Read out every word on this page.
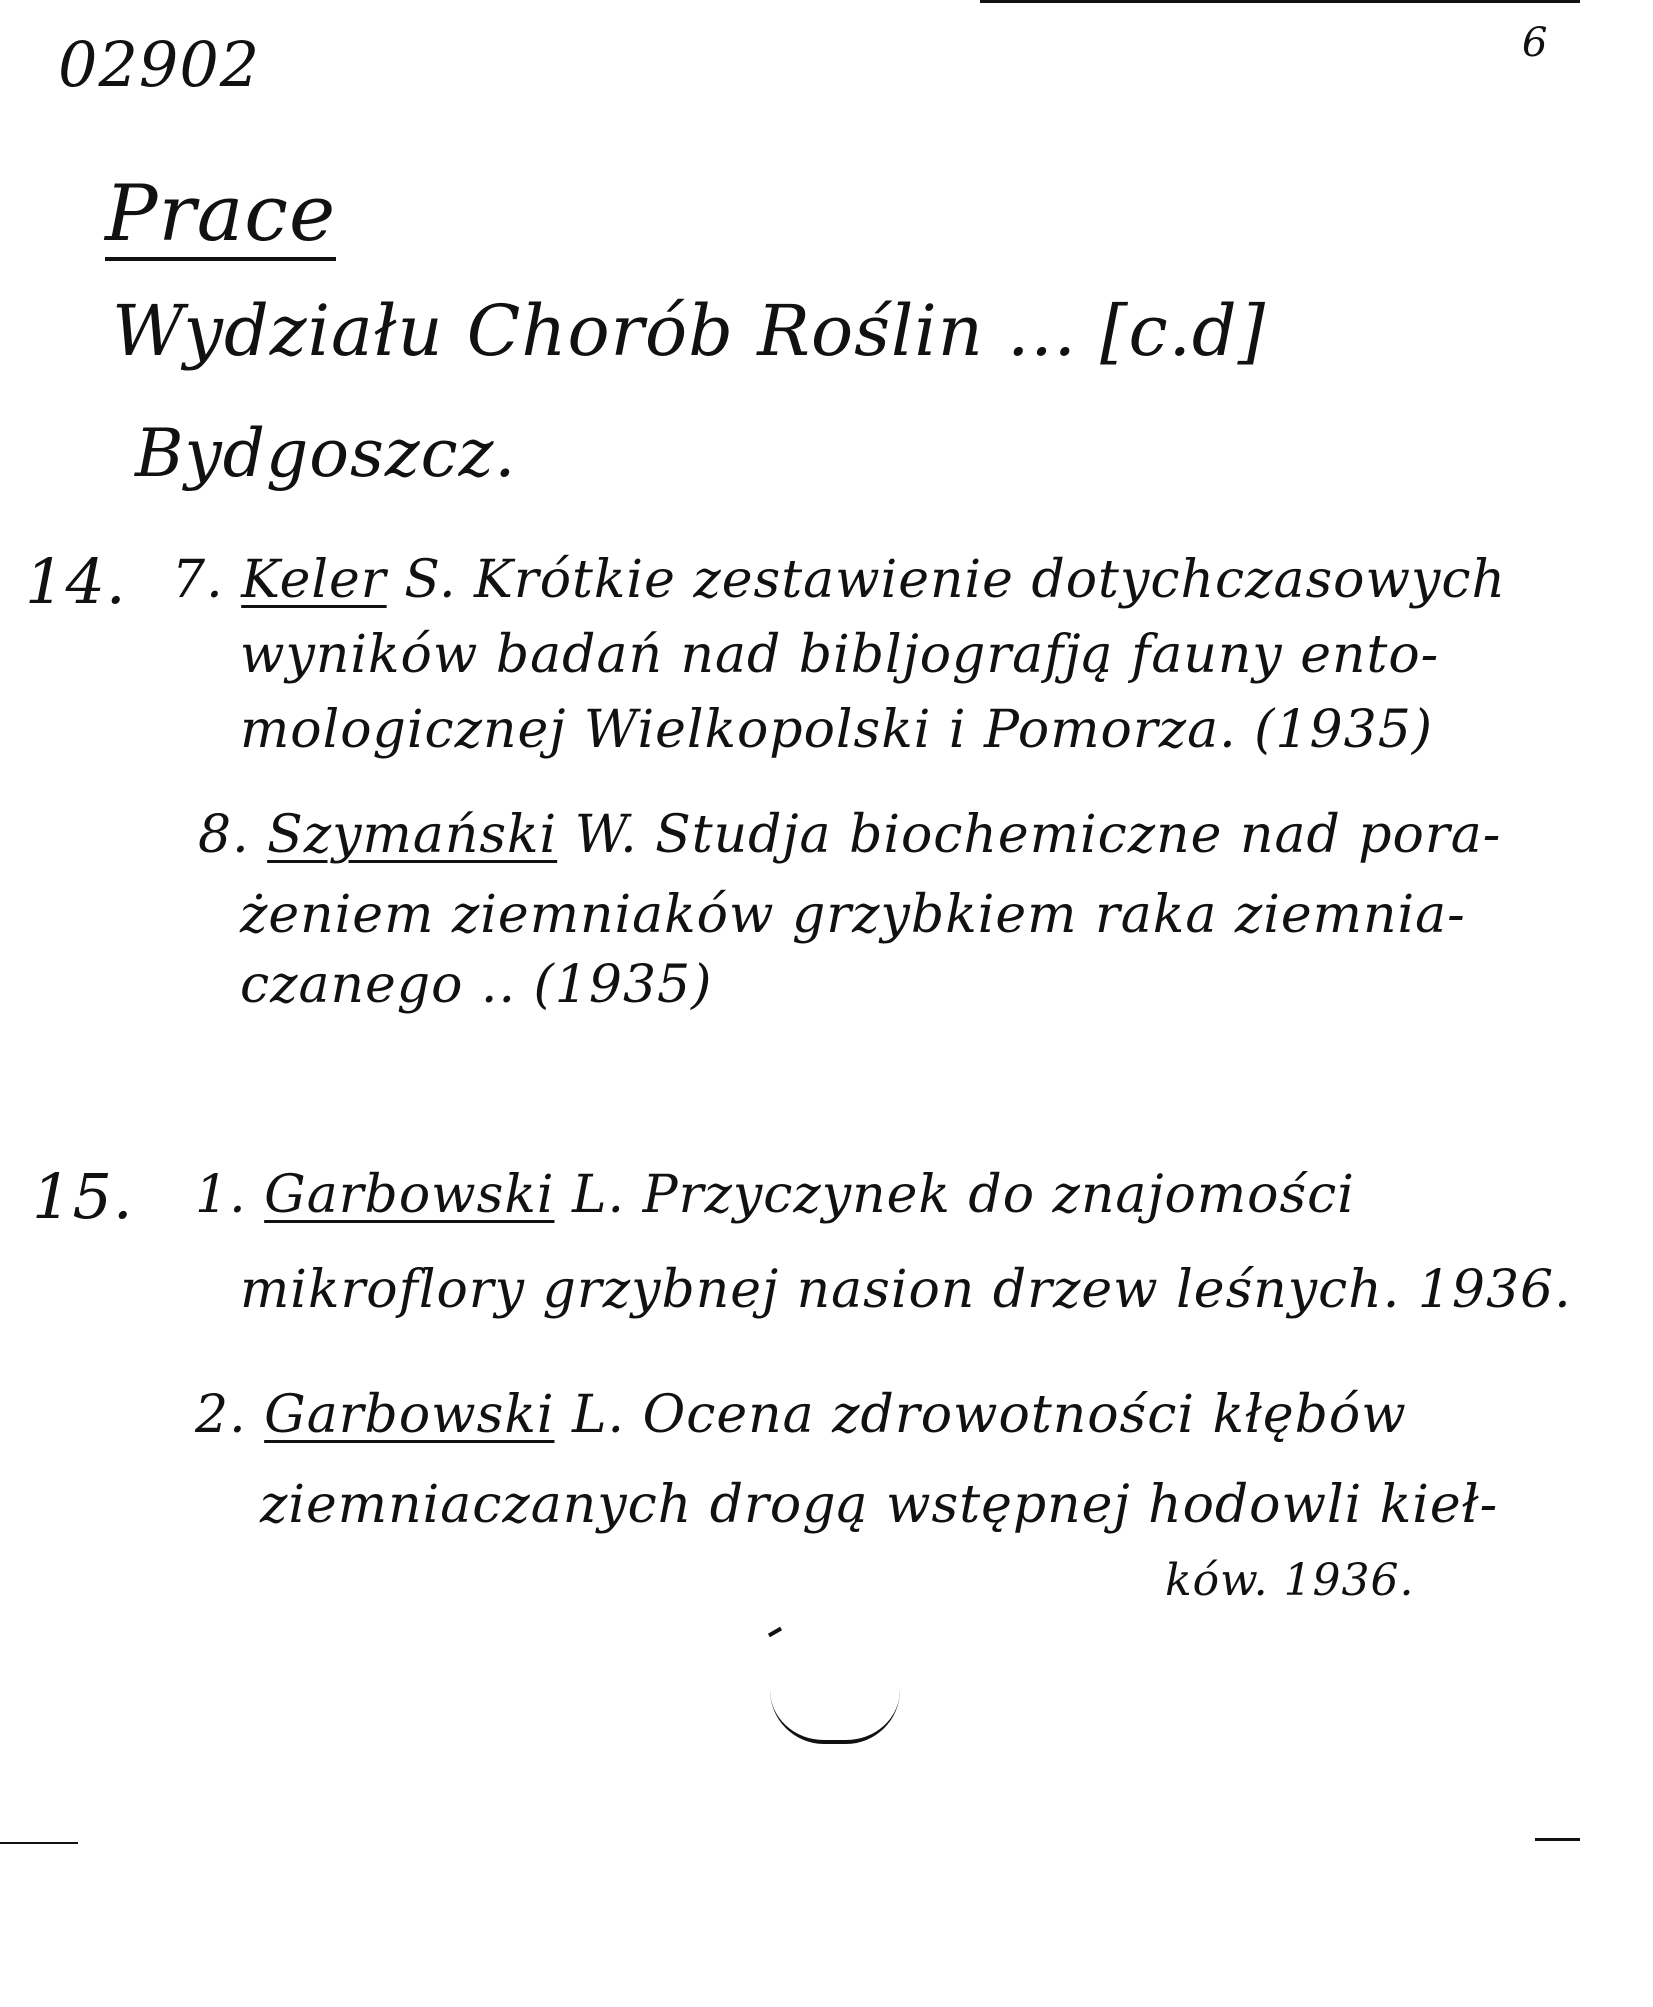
02902	6
Prace
Wydziału Chorób Roślin ... [c.d]
Bydgoszcz.
14. 7. Keler S. Krótkie zestawienie dotychczasowych
wyników badań nad bibljografją fauny ento-
mologicznej Wielkopolski i Pomorza. (1935)
8. Szymański W. Studja biochemiczne nad pora-
żeniem ziemniaków grzybkiem raka ziemnia-
czanego .. (1935)
15. 1. Garbowski L. Przyczynek do znajomości
mikroflory grzybnej nasion drzew leśnych. 1936.
2. Garbowski L. Ocena zdrowotności kłębów
ziemniaczanych drogą wstępnej hodowli kieł-
ków. 1936.
